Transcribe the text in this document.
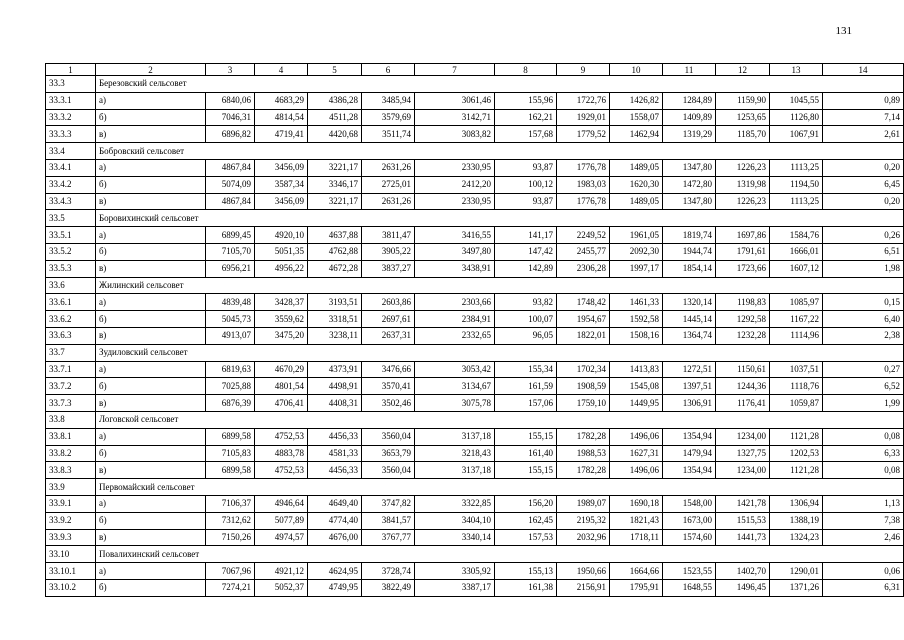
131
1	2	3	4	5	6	7	8	9	10	11	12	13	14
33.3	Березовский сельсовет												
33.3.1	а)	6840,06	4683,29	4386,28	3485,94	3061,46	155,96	1722,76	1426,82	1284,89	1159,90	1045,55	0,89
33.3.2	б)	7046,31	4814,54	4511,28	3579,69	3142,71	162,21	1929,01	1558,07	1409,89	1253,65	1126,80	7,14
33.3.3	в)	6896,82	4719,41	4420,68	3511,74	3083,82	157,68	1779,52	1462,94	1319,29	1185,70	1067,91	2,61
33.4	Бобровский сельсовет												
33.4.1	а)	4867,84	3456,09	3221,17	2631,26	2330,95	93,87	1776,78	1489,05	1347,80	1226,23	1113,25	0,20
33.4.2	б)	5074,09	3587,34	3346,17	2725,01	2412,20	100,12	1983,03	1620,30	1472,80	1319,98	1194,50	6,45
33.4.3	в)	4867,84	3456,09	3221,17	2631,26	2330,95	93,87	1776,78	1489,05	1347,80	1226,23	1113,25	0,20
33.5	Боровихинский сельсовет												
33.5.1	а)	6899,45	4920,10	4637,88	3811,47	3416,55	141,17	2249,52	1961,05	1819,74	1697,86	1584,76	0,26
33.5.2	б)	7105,70	5051,35	4762,88	3905,22	3497,80	147,42	2455,77	2092,30	1944,74	1791,61	1666,01	6,51
33.5.3	в)	6956,21	4956,22	4672,28	3837,27	3438,91	142,89	2306,28	1997,17	1854,14	1723,66	1607,12	1,98
33.6	Жилинский сельсовет												
33.6.1	а)	4839,48	3428,37	3193,51	2603,86	2303,66	93,82	1748,42	1461,33	1320,14	1198,83	1085,97	0,15
33.6.2	б)	5045,73	3559,62	3318,51	2697,61	2384,91	100,07	1954,67	1592,58	1445,14	1292,58	1167,22	6,40
33.6.3	в)	4913,07	3475,20	3238,11	2637,31	2332,65	96,05	1822,01	1508,16	1364,74	1232,28	1114,96	2,38
33.7	Зудиловский сельсовет												
33.7.1	а)	6819,63	4670,29	4373,91	3476,66	3053,42	155,34	1702,34	1413,83	1272,51	1150,61	1037,51	0,27
33.7.2	б)	7025,88	4801,54	4498,91	3570,41	3134,67	161,59	1908,59	1545,08	1397,51	1244,36	1118,76	6,52
33.7.3	в)	6876,39	4706,41	4408,31	3502,46	3075,78	157,06	1759,10	1449,95	1306,91	1176,41	1059,87	1,99
33.8	Логовской сельсовет												
33.8.1	а)	6899,58	4752,53	4456,33	3560,04	3137,18	155,15	1782,28	1496,06	1354,94	1234,00	1121,28	0,08
33.8.2	б)	7105,83	4883,78	4581,33	3653,79	3218,43	161,40	1988,53	1627,31	1479,94	1327,75	1202,53	6,33
33.8.3	в)	6899,58	4752,53	4456,33	3560,04	3137,18	155,15	1782,28	1496,06	1354,94	1234,00	1121,28	0,08
33.9	Первомайский сельсовет												
33.9.1	а)	7106,37	4946,64	4649,40	3747,82	3322,85	156,20	1989,07	1690,18	1548,00	1421,78	1306,94	1,13
33.9.2	б)	7312,62	5077,89	4774,40	3841,57	3404,10	162,45	2195,32	1821,43	1673,00	1515,53	1388,19	7,38
33.9.3	в)	7150,26	4974,57	4676,00	3767,77	3340,14	157,53	2032,96	1718,11	1574,60	1441,73	1324,23	2,46
33.10	Повалихинский сельсовет												
33.10.1	а)	7067,96	4921,12	4624,95	3728,74	3305,92	155,13	1950,66	1664,66	1523,55	1402,70	1290,01	0,06
33.10.2	б)	7274,21	5052,37	4749,95	3822,49	3387,17	161,38	2156,91	1795,91	1648,55	1496,45	1371,26	6,31
